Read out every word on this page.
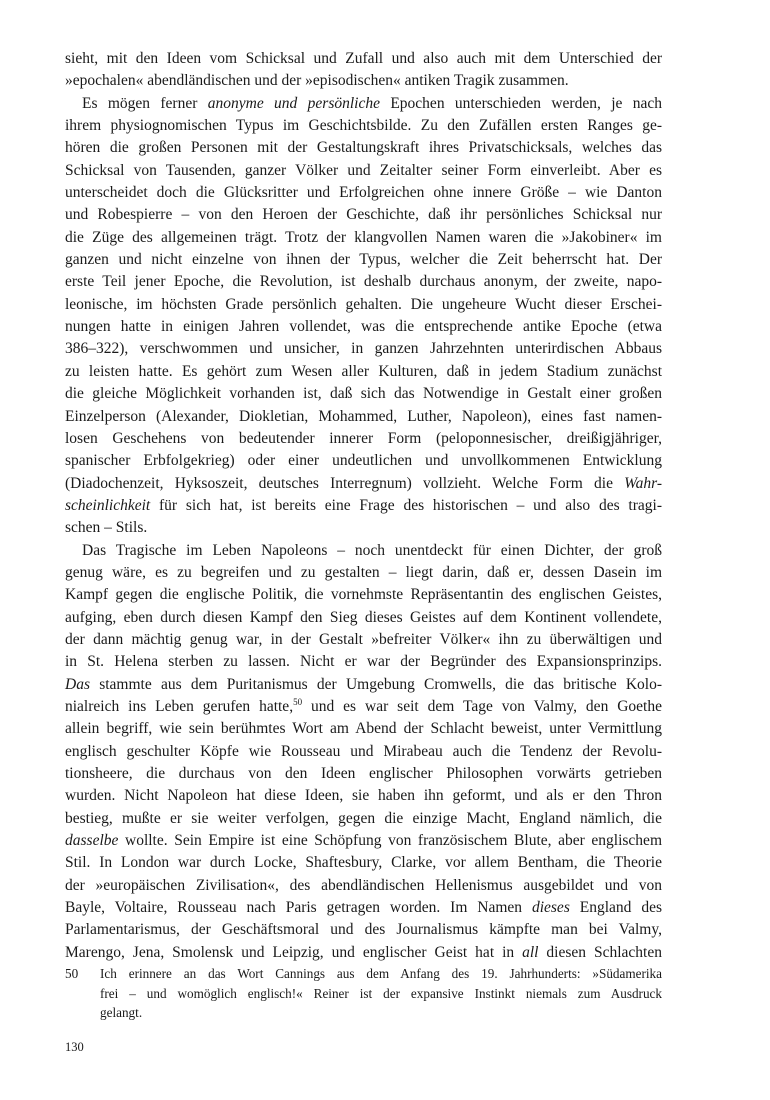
sieht, mit den Ideen vom Schicksal und Zufall und also auch mit dem Unterschied der
»epochalen« abendländischen und der »episodischen« antiken Tragik zusammen.
Es mögen ferner anonyme und persönliche Epochen unterschieden werden, je nach
ihrem physiognomischen Typus im Geschichtsbilde. Zu den Zufällen ersten Ranges ge-
hören die großen Personen mit der Gestaltungskraft ihres Privatschicksals, welches das
Schicksal von Tausenden, ganzer Völker und Zeitalter seiner Form einverleibt. Aber es
unterscheidet doch die Glücksritter und Erfolgreichen ohne innere Größe – wie Danton
und Robespierre – von den Heroen der Geschichte, daß ihr persönliches Schicksal nur
die Züge des allgemeinen trägt. Trotz der klangvollen Namen waren die »Jakobiner« im
ganzen und nicht einzelne von ihnen der Typus, welcher die Zeit beherrscht hat. Der
erste Teil jener Epoche, die Revolution, ist deshalb durchaus anonym, der zweite, napo-
leonische, im höchsten Grade persönlich gehalten. Die ungeheure Wucht dieser Erschei-
nungen hatte in einigen Jahren vollendet, was die entsprechende antike Epoche (etwa
386–322), verschwommen und unsicher, in ganzen Jahrzehnten unterirdischen Abbaus
zu leisten hatte. Es gehört zum Wesen aller Kulturen, daß in jedem Stadium zunächst
die gleiche Möglichkeit vorhanden ist, daß sich das Notwendige in Gestalt einer großen
Einzelperson (Alexander, Diokletian, Mohammed, Luther, Napoleon), eines fast namen-
losen Geschehens von bedeutender innerer Form (peloponnesischer, dreißigjähriger,
spanischer Erbfolgekrieg) oder einer undeutlichen und unvollkommenen Entwicklung
(Diadochenzeit, Hyksoszeit, deutsches Interregnum) vollzieht. Welche Form die Wahr-
scheinlichkeit für sich hat, ist bereits eine Frage des historischen – und also des tragi-
schen – Stils.
Das Tragische im Leben Napoleons – noch unentdeckt für einen Dichter, der groß
genug wäre, es zu begreifen und zu gestalten – liegt darin, daß er, dessen Dasein im
Kampf gegen die englische Politik, die vornehmste Repräsentantin des englischen Geistes,
aufging, eben durch diesen Kampf den Sieg dieses Geistes auf dem Kontinent vollendete,
der dann mächtig genug war, in der Gestalt »befreiter Völker« ihn zu überwältigen und
in St. Helena sterben zu lassen. Nicht er war der Begründer des Expansionsprinzips.
Das stammte aus dem Puritanismus der Umgebung Cromwells, die das britische Kolo-
nialreich ins Leben gerufen hatte,$^{50}$ und es war seit dem Tage von Valmy, den Goethe
allein begriff, wie sein berühmtes Wort am Abend der Schlacht beweist, unter Vermittlung
englisch geschulter Köpfe wie Rousseau und Mirabeau auch die Tendenz der Revolu-
tionsheere, die durchaus von den Ideen englischer Philosophen vorwärts getrieben
wurden. Nicht Napoleon hat diese Ideen, sie haben ihn geformt, und als er den Thron
bestieg, mußte er sie weiter verfolgen, gegen die einzige Macht, England nämlich, die
dasselbe wollte. Sein Empire ist eine Schöpfung von französischem Blute, aber englischem
Stil. In London war durch Locke, Shaftesbury, Clarke, vor allem Bentham, die Theorie
der »europäischen Zivilisation«, des abendländischen Hellenismus ausgebildet und von
Bayle, Voltaire, Rousseau nach Paris getragen worden. Im Namen dieses England des
Parlamentarismus, der Geschäftsmoral und des Journalismus kämpfte man bei Valmy,
Marengo, Jena, Smolensk und Leipzig, und englischer Geist hat in all diesen Schlachten
50 Ich erinnere an das Wort Cannings aus dem Anfang des 19. Jahrhunderts: »Südamerika
frei – und womöglich englisch!« Reiner ist der expansive Instinkt niemals zum Ausdruck
gelangt.
130
